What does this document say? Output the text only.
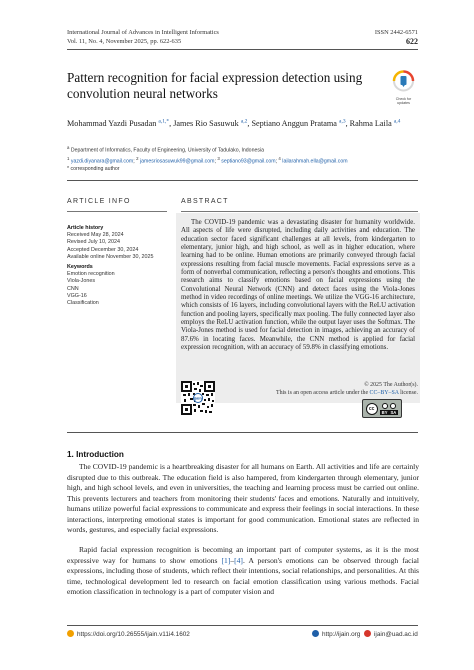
International Journal of Advances in Intelligent Informatics
Vol. 11, No. 4, November 2025, pp. 622-635
ISSN 2442-6571
622
Pattern recognition for facial expression detection using convolution neural networks	Check for
updates
Mohammad Yazdi Pusadan $^{a,1,*}$, James Rio Sasuwuk $^{a,2}$, Septiano Anggun Pratama $^{a,3}$, Rahma Laila $^{a,4}$
$^a$ Department of Informatics, Faculty of Engineering, University of Tadulako, Indonesia
$^1$ yazdi.diyanara@gmail.com; $^2$ jamesriosasuwuk99@gmail.com; $^3$ septiano93@gmail.com; $^4$ lailarahmah.ella@gmail.com
* corresponding author
ARTICLE INFO
Article history
Received May 28, 2024
Revised July 10, 2024
Accepted December 30, 2024
Available online November 30, 2025
Keywords
Emotion recognition
Viola-Jones
CNN
VGG-16
Classification
ABSTRACT
The COVID-19 pandemic was a devastating disaster for humanity worldwide. All aspects of life were disrupted, including daily activities and education. The education sector faced significant challenges at all levels, from kindergarten to elementary, junior high, and high school, as well as in higher education, where learning had to be online. Human emotions are primarily conveyed through facial expressions resulting from facial muscle movements. Facial expressions serve as a form of nonverbal communication, reflecting a person's thoughts and emotions. This research aims to classify emotions based on facial expressions using the Convolutional Neural Network (CNN) and detect faces using the Viola-Jones method in video recordings of online meetings. We utilize the VGG-16 architecture, which consists of 16 layers, including convolutional layers with the ReLU activation function and pooling layers, specifically max pooling. The fully connected layer also employs the ReLU activation function, while the output layer uses the Softmax. The Viola-Jones method is used for facial detection in images, achieving an accuracy of 87.6% in locating faces. Meanwhile, the CNN method is applied for facial expression recognition, with an accuracy of 59.8% in classifying emotions.
© 2025 The Author(s).
This is an open access article under the CC–BY–SA license.
ijain
cc
BY SA
1. Introduction
The COVID-19 pandemic is a heartbreaking disaster for all humans on Earth. All activities and life are certainly disrupted due to this outbreak. The education field is also hampered, from kindergarten through elementary, junior high, and high school levels, and even in universities, the teaching and learning process must be carried out online. This prevents lecturers and teachers from monitoring their students' faces and emotions. Naturally and intuitively, humans utilize powerful facial expressions to communicate and express their feelings in social interactions. In these interactions, interpreting emotional states is important for good communication. Emotional states are reflected in words, gestures, and especially facial expressions.
Rapid facial expression recognition is becoming an important part of computer systems, as it is the most expressive way for humans to show emotions [1]–[4]. A person's emotions can be observed through facial expressions, including those of students, which reflect their intentions, social relationships, and personalities. At this time, technological development led to research on facial emotion classification using various methods. Facial emotion classification in technology is a part of computer vision and
https://doi.org/10.26555/ijain.v11i4.1602	http://ijain.org	ijain@uad.ac.id
